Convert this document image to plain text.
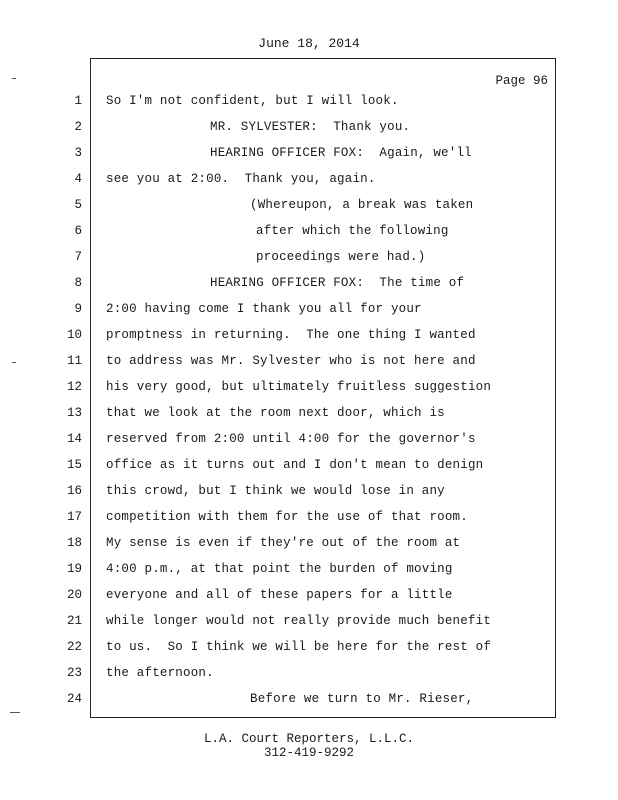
June 18, 2014
Page 96
1 So I'm not confident, but I will look.
2	MR. SYLVESTER:  Thank you.
3	HEARING OFFICER FOX:  Again, we'll
4 see you at 2:00.  Thank you, again.
5	(Whereupon, a break was taken
6	after which the following
7	proceedings were had.)
8	HEARING OFFICER FOX:  The time of
9 2:00 having come I thank you all for your
10 promptness in returning.  The one thing I wanted
11 to address was Mr. Sylvester who is not here and
12 his very good, but ultimately fruitless suggestion
13 that we look at the room next door, which is
14 reserved from 2:00 until 4:00 for the governor's
15 office as it turns out and I don't mean to denign
16 this crowd, but I think we would lose in any
17 competition with them for the use of that room.
18 My sense is even if they're out of the room at
19 4:00 p.m., at that point the burden of moving
20 everyone and all of these papers for a little
21 while longer would not really provide much benefit
22 to us.  So I think we will be here for the rest of
23 the afternoon.
24	Before we turn to Mr. Rieser,
L.A. Court Reporters, L.L.C.
312-419-9292
